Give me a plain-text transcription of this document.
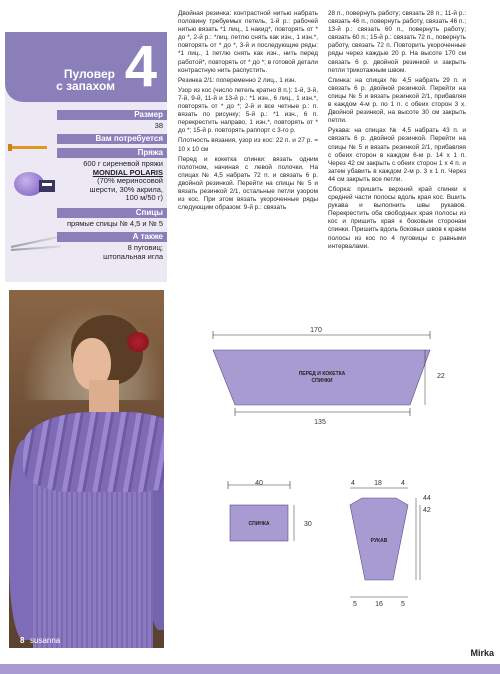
Пуловер
с запахом 4
Размер
38
Вам потребуется
Пряжа
600 г сиреневой пряжи
MONDIAL POLARIS
(70% мериносовой
шерсти, 30% акрила,
100 м/50 г)
Спицы
прямые спицы № 4,5 и № 5
А также
8 пуговиц;
штопальная игла
8 susanna

Двойная резинка: контрастной нитью набрать половину требуемых петель, 1-й р.: рабочей нитью вязать *1 лиц., 1 накид*, повторять от * до *, 2-й р.: *лиц. петлю снять как изн., 1 изн.*, повторять от * до *, 3-й и последующие ряды: *1 лиц., 1 петлю снять как изн., нить перед работой*, повторять от * до *; в готовой детали контрастную нить распустить.

Резинка 2/1: попеременно 2 лиц., 1 изн.

Узор из кос (число петель кратно 8 п.): 1-й, 3-й, 7-й, 9-й, 11-й и 13-й р.: *1 изн., 6 лиц., 1 изн.*, повторять от * до *; 2-й и все четные р.: п. вязать по рисунку; 5-й р.: *1 изн., 6 п. перекрестить направо, 1 изн.*, повторять от * до *; 15-й р. повторять раппорт с 3-го р.

Плотность вязания, узор из кос: 22 п. и 27 р. = 10 x 10 см

Перед и кокетка спинки: вязать одним полотном, начиная с левой полочки. На спицах № 4,5 набрать 72 п. и связать 6 р. двойной резинкой. Перейти на спицы № 5 и вязать резинкой 2/1, остальные петли узором из кос. При этом вязать укороченные ряды следующим образом: 9-й р.: связать

28 п., повернуть работу; связать 28 п.; 11-й р.: связать 46 п., повернуть работу, связать 46 п.; 13-й р.: связать 60 п., повернуть работу; связать 60 п.; 15-й р.: связать 72 п., повернуть работу, связать 72 п. Повторить укороченные ряды через каждые 20 р. На высоте 170 см связать 6 р. двойной резинкой и закрыть петли трикотажным швом.

Спинка: на спицах № 4,5 набрать 29 п. и связать 6 р. двойной резинкой. Перейти на спицы № 5 и вязать резинкой 2/1, прибавляя в каждом 4-м р. по 1 п. с обеих сторон 3 х. Двойной резинкой, на высоте 30 см закрыть петли.

Рукава: на спицах № 4,5 набрать 43 п. и связать 6 р. двойной резинкой. Перейти на спицы № 5 и вязать резинкой 2/1, прибавляя с обеих сторон в каждом 6-м р. 14 х 1 п. Через 42 см закрыть с обеих сторон 1 х 4 п. и затем убавить в каждом 2-м р. 3 х 1 п. Через 44 см закрыть все петли.

Сборка: пришить верхний край спинки к средней части полосы вдоль края кос. Вшить рукава и выполнить швы рукавов. Перекрестить оба свободных края полосы из кос и пришить края к боковым сторонам спинки. Пришить вдоль боковых швов к краям полосы из кос по 4 пуговицы с равными интервалами.

170
ПЕРЕД И КОКЕТКА
СПИНКИ
22
135
40
СПИНКА	30
4	18	4
РУКАВ
44
42
5	16	5
Mirka
